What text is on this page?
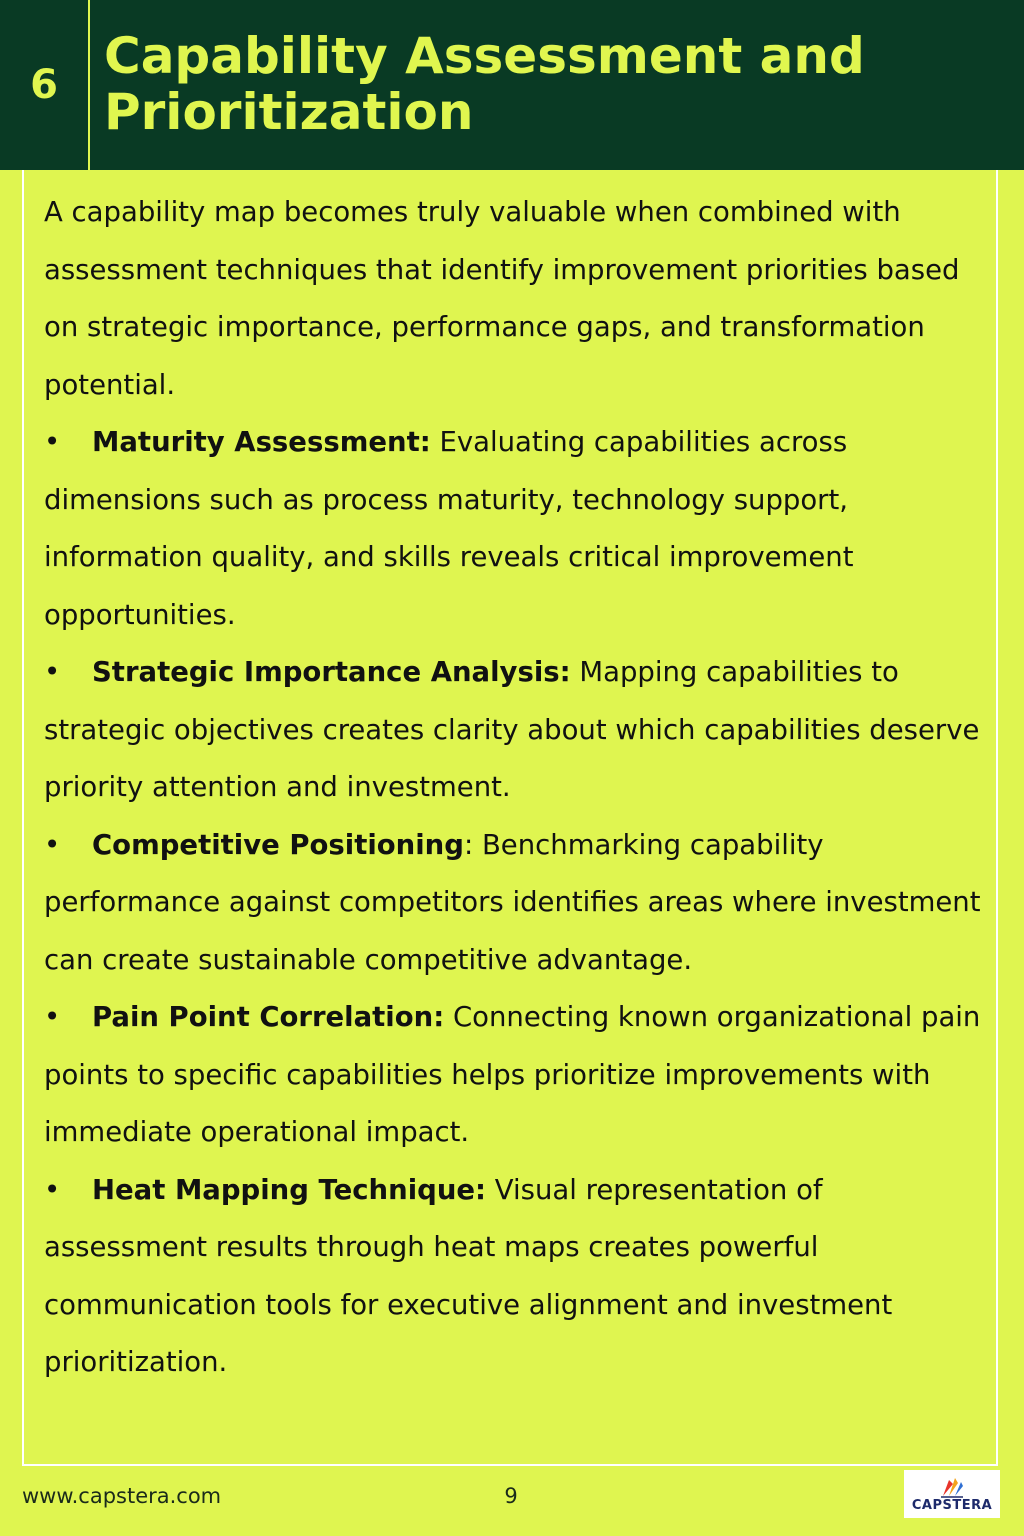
6 Capability Assessment and Prioritization

A capability map becomes truly valuable when combined with assessment techniques that identify improvement priorities based on strategic importance, performance gaps, and transformation potential.

• Maturity Assessment: Evaluating capabilities across dimensions such as process maturity, technology support, information quality, and skills reveals critical improvement opportunities.

• Strategic Importance Analysis: Mapping capabilities to strategic objectives creates clarity about which capabilities deserve priority attention and investment.

• Competitive Positioning: Benchmarking capability performance against competitors identifies areas where investment can create sustainable competitive advantage.

• Pain Point Correlation: Connecting known organizational pain points to specific capabilities helps prioritize improvements with immediate operational impact.

• Heat Mapping Technique: Visual representation of assessment results through heat maps creates powerful communication tools for executive alignment and investment prioritization.

www.capstera.com	9	CAPSTERA
